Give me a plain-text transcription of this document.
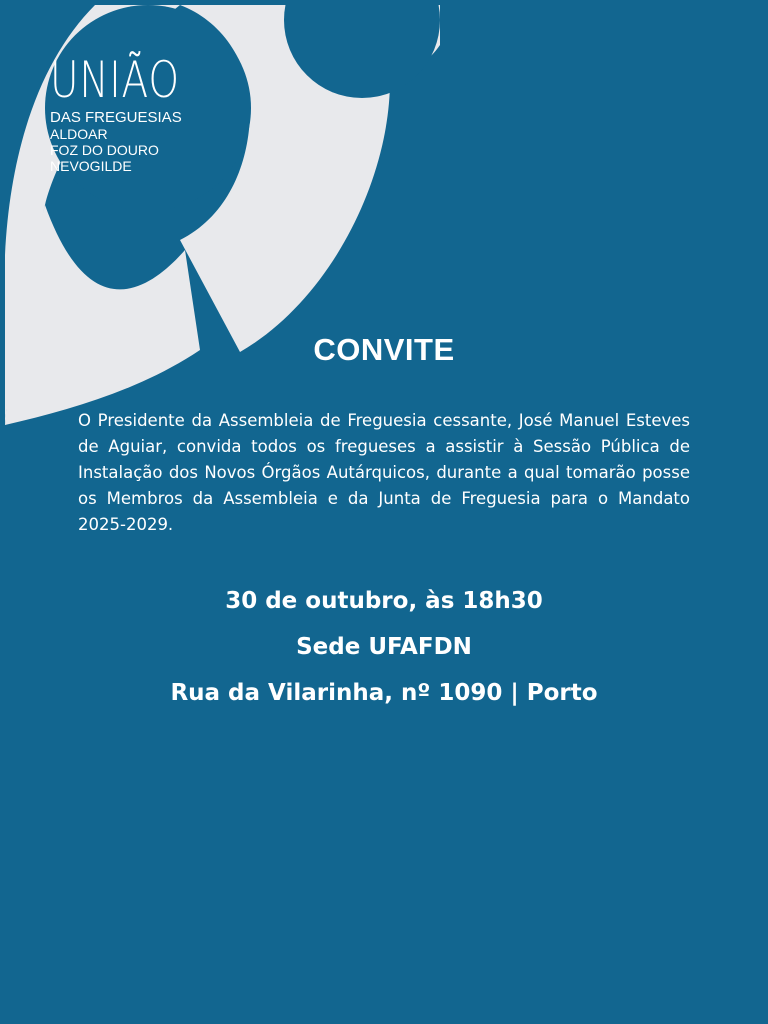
UNIÃO
DAS FREGUESIAS
ALDOAR
FOZ DO DOURO
NEVOGILDE
CONVITE

O Presidente da Assembleia de Freguesia cessante, José Manuel Esteves de Aguiar, convida todos os fregueses a assistir à Sessão Pública de Instalação dos Novos Órgãos Autárquicos, durante a qual tomarão posse os Membros da Assembleia e da Junta de Freguesia para o Mandato 2025-2029.

30 de outubro, às 18h30
Sede UFAFDN
Rua da Vilarinha, nº 1090 | Porto
